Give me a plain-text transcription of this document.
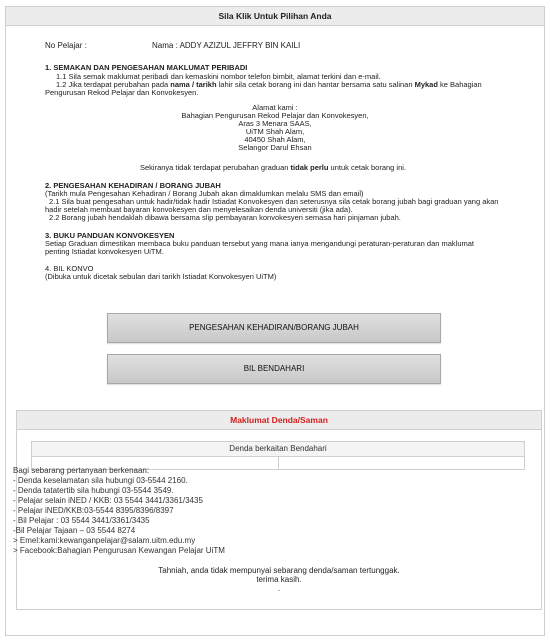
Sila Klik Untuk Pilihan Anda
No Pelajar :	Nama : ADDY AZIZUL JEFFRY BIN KAILI
1. SEMAKAN DAN PENGESAHAN MAKLUMAT PERIBADI
1.1 Sila semak maklumat peribadi dan kemaskini nombor telefon bimbit, alamat terkini dan e-mail.
1.2 Jika terdapat perubahan pada nama / tarikh lahir sila cetak borang ini dan hantar bersama satu salinan Mykad ke Bahagian
Pengurusan Rekod Pelajar dan Konvokesyen.
Alamat kami :
Bahagian Pengurusan Rekod Pelajar dan Konvokesyen,
Aras 3 Menara SAAS,
UiTM Shah Alam,
40450 Shah Alam,
Selangor Darul Ehsan
Sekiranya tidak terdapat perubahan graduan tidak perlu untuk cetak borang ini.
2. PENGESAHAN KEHADIRAN / BORANG JUBAH
(Tarikh mula Pengesahan Kehadiran / Borang Jubah akan dimaklumkan melalu SMS dan email)
2.1 Sila buat pengesahan untuk hadir/tidak hadir Istiadat Konvokesyen dan seterusnya sila cetak borang jubah bagi graduan yang akan
hadir setelah membuat bayaran konvokesyen dan menyelesaikan denda universiti (jika ada).
2.2 Borang jubah hendaklah dibawa bersama slip pembayaran konvokesyen semasa hari pinjaman jubah.
3. BUKU PANDUAN KONVOKESYEN
Setiap Graduan dimestikan membaca buku panduan tersebut yang mana ianya mengandungi peraturan-peraturan dan maklumat
penting Istiadat konvokesyen UiTM.
4. BIL KONVO
(Dibuka untuk dicetak sebulan dari tarikh Istiadat Konvokesyen UiTM)
PENGESAHAN KEHADIRAN/BORANG JUBAH
BIL BENDAHARI
Maklumat Denda/Saman
Denda berkaitan Bendahari
Bagi sebarang pertanyaan berkenaan:
- Denda keselamatan sila hubungi 03-5544 2160.
- Denda tatatertib sila hubungi 03-5544 3549.
- Pelajar selain iNED / KKB: 03 5544 3441/3361/3435
- Pelajar iNED/KKB:03-5544 8395/8396/8397
- Bil Pelajar : 03 5544 3441/3361/3435
-Bil Pelajar Tajaan – 03 5544 8274
> Emel:kami:kewanganpelajar@salam.uitm.edu.my
> Facebook:Bahagian Pengurusan Kewangan Pelajar UiTM
Tahniah, anda tidak mempunyai sebarang denda/saman tertunggak.
terima kasih.
.
